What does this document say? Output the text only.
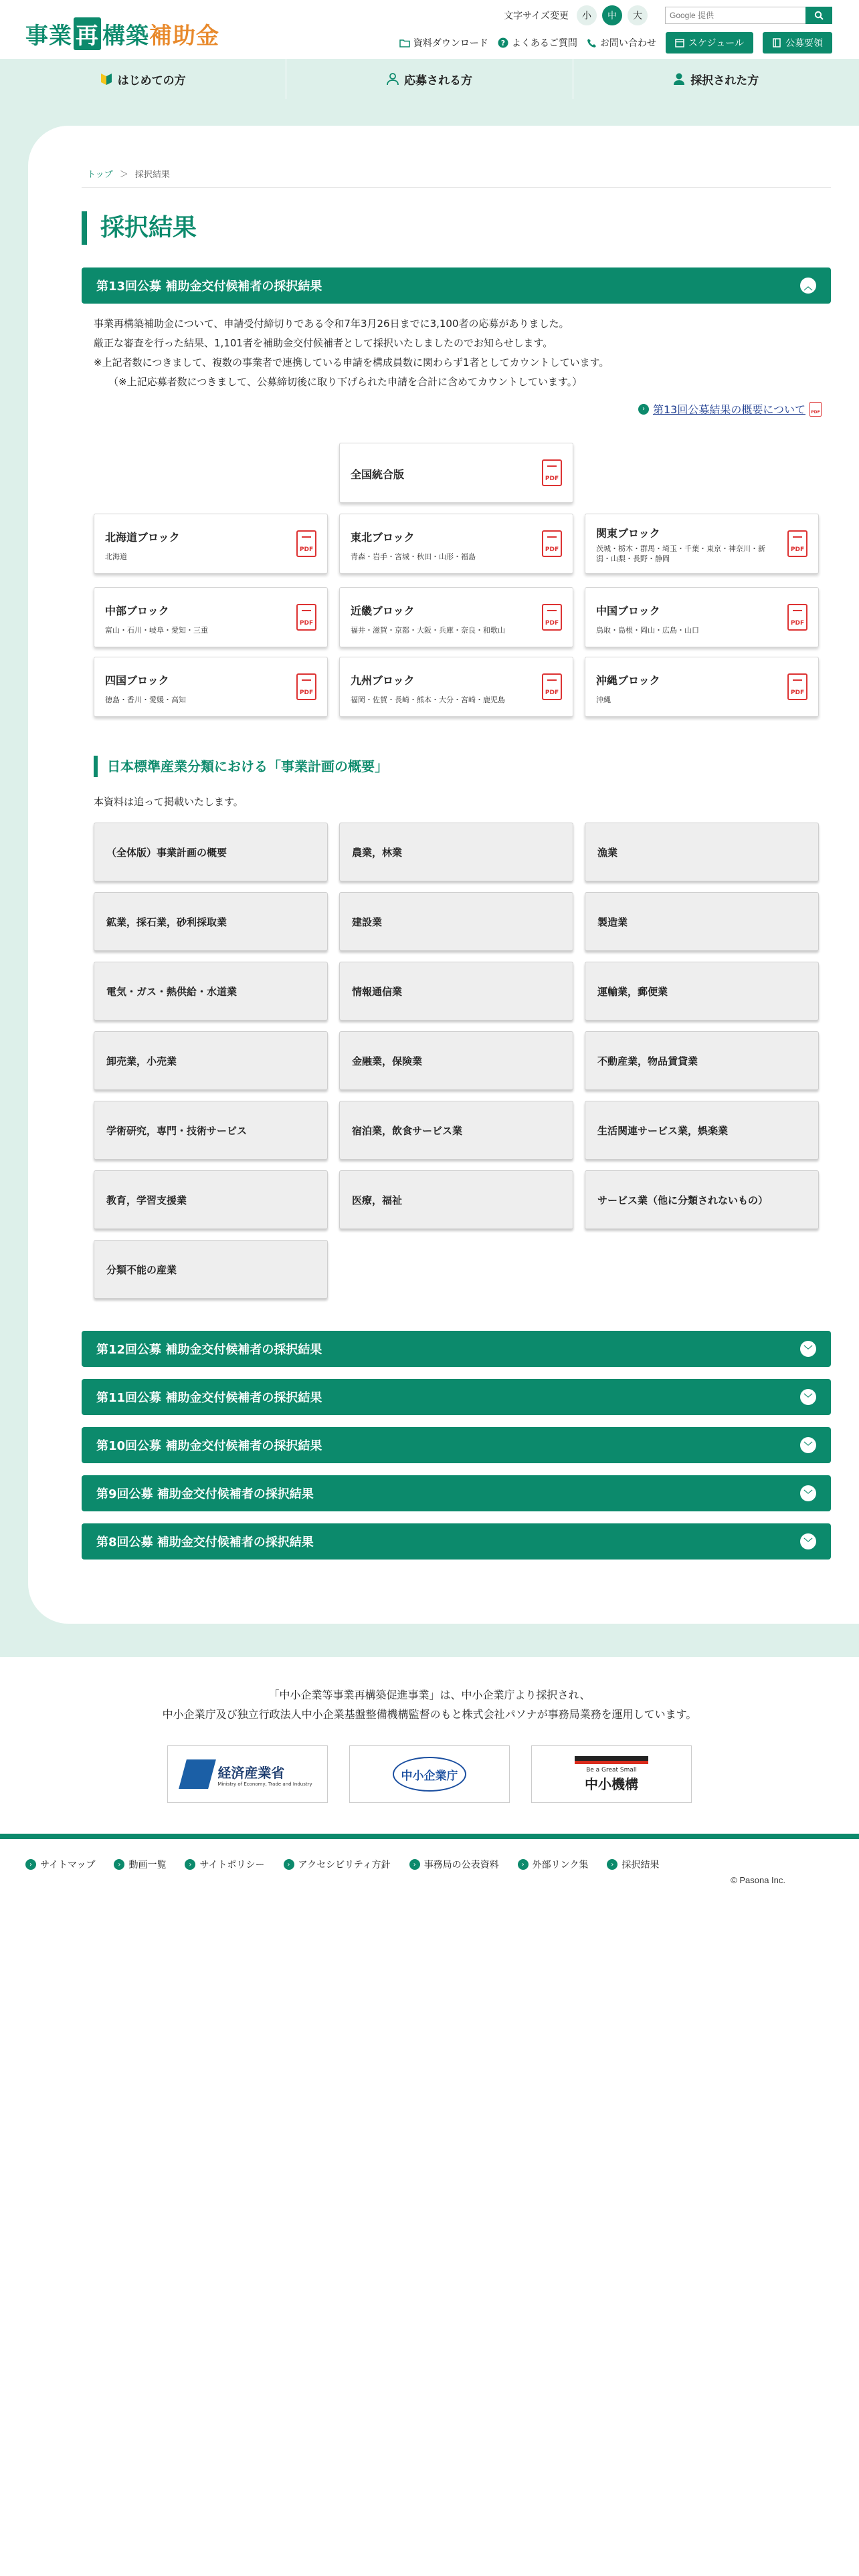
事業 再 構築補助金
文字サイズ変更	小	中	大
Google 提供
資料ダウンロード ? よくあるご質問 お問い合わせ	スケジュール	公募要領
はじめての方	応募される方	採択された方
トップ ＞ 採択結果
採択結果
第13回公募 補助金交付候補者の採択結果	︿

事業再構築補助金について、申請受付締切りである令和7年3月26日までに3,100者の応募がありました。

厳正な審査を行った結果、1,101者を補助金交付候補者として採択いたしましたのでお知らせします。

※上記者数につきまして、複数の事業者で連携している申請を構成員数に関わらず1者としてカウントしています。

（※上記応募者数につきまして、公募締切後に取り下げられた申請を合計に含めてカウントしています。）

› 第13回公募結果の概要について	PDF
全国統合版	PDF
北海道ブロック
北海道
PDF
東北ブロック
青森・岩手・宮城・秋田・山形・福島
PDF
関東ブロック
茨城・栃木・群馬・埼玉・千葉・東京・神奈川・新潟・山梨・長野・静岡
PDF
中部ブロック
富山・石川・岐阜・愛知・三重
PDF
近畿ブロック
福井・滋賀・京都・大阪・兵庫・奈良・和歌山
PDF
中国ブロック
鳥取・島根・岡山・広島・山口
PDF
四国ブロック
徳島・香川・愛媛・高知
PDF
九州ブロック
福岡・佐賀・長崎・熊本・大分・宮崎・鹿児島
PDF
沖縄ブロック
沖縄
PDF
日本標準産業分類における「事業計画の概要」

本資料は追って掲載いたします。

（全体版）事業計画の概要	農業，林業	漁業
鉱業，採石業，砂利採取業	建設業	製造業
電気・ガス・熱供給・水道業	情報通信業	運輸業，郵便業
卸売業，小売業	金融業，保険業	不動産業，物品賃貸業
学術研究，専門・技術サービス	宿泊業，飲食サービス業	生活関連サービス業，娯楽業
教育，学習支援業	医療，福祉	サービス業（他に分類されないもの）
分類不能の産業
第12回公募 補助金交付候補者の採択結果	﹀
第11回公募 補助金交付候補者の採択結果	﹀
第10回公募 補助金交付候補者の採択結果	﹀
第9回公募 補助金交付候補者の採択結果	﹀
第8回公募 補助金交付候補者の採択結果	﹀

「中小企業等事業再構築促進事業」は、中小企業庁より採択され、

中小企業庁及び独立行政法人中小企業基盤整備機構監督のもと株式会社パソナが事務局業務を運用しています。

経済産業省
Ministry of Economy, Trade and Industry
中小企業庁	Be a Great Small
中小機構
› サイトマップ	› 動画一覧	› サイトポリシー	› アクセシビリティ方針	› 事務局の公表資料	› 外部リンク集	› 採択結果
© Pasona Inc.
